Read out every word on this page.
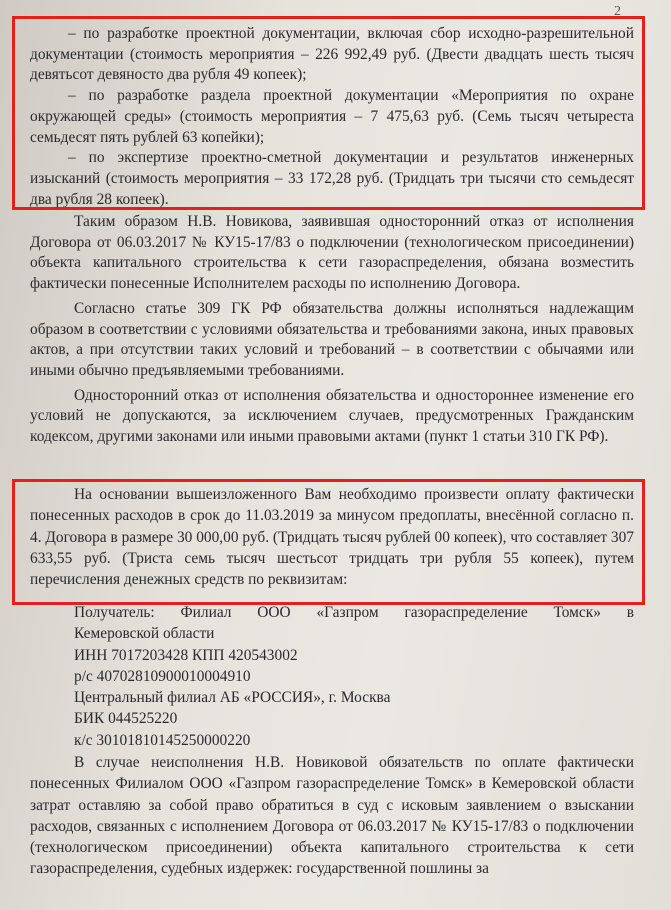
2

– по разработке проектной документации, включая сбор исходно-разрешительной документации (стоимость мероприятия – 226 992,49 руб. (Двести двадцать шесть тысяч девятьсот девяносто два рубля 49 копеек);

– по разработке раздела проектной документации «Мероприятия по охране окружающей среды» (стоимость мероприятия – 7 475,63 руб. (Семь тысяч четыреста семьдесят пять рублей 63 копейки);

– по экспертизе проектно-сметной документации и результатов инженерных изысканий (стоимость мероприятия – 33 172,28 руб. (Тридцать три тысячи сто семьдесят два рубля 28 копеек).

Таким образом Н.В. Новикова, заявившая односторонний отказ от исполнения Договора от 06.03.2017 № КУ15-17/83 о подключении (технологическом присоединении) объекта капитального строительства к сети газораспределения, обязана возместить фактически понесенные Исполнителем расходы по исполнению Договора.

Согласно статье 309 ГК РФ обязательства должны исполняться надлежащим образом в соответствии с условиями обязательства и требованиями закона, иных правовых актов, а при отсутствии таких условий и требований – в соответствии с обычаями или иными обычно предъявляемыми требованиями.

Односторонний отказ от исполнения обязательства и одностороннее изменение его условий не допускаются, за исключением случаев, предусмотренных Гражданским кодексом, другими законами или иными правовыми актами (пункт 1 статьи 310 ГК РФ).

На основании вышеизложенного Вам необходимо произвести оплату фактически понесенных расходов в срок до 11.03.2019 за минусом предоплаты, внесённой согласно п. 4. Договора в размере 30 000,00 руб. (Тридцать тысяч рублей 00 копеек), что составляет 307 633,55 руб. (Триста семь тысяч шестьсот тридцать три рубля 55 копеек), путем перечисления денежных средств по реквизитам:

Получатель: Филиал ООО «Газпром газораспределение Томск» в
Кемеровской области
ИНН 7017203428 КПП 420543002
р/с 40702810900010004910
Центральный филиал АБ «РОССИЯ», г. Москва
БИК 044525220
к/с 30101810145250000220

В случае неисполнения Н.В. Новиковой обязательств по оплате фактически понесенных Филиалом ООО «Газпром газораспределение Томск» в Кемеровской области затрат оставляю за собой право обратиться в суд с исковым заявлением о взыскании расходов, связанных с исполнением Договора от 06.03.2017 № КУ15-17/83 о подключении (технологическом присоединении) объекта капитального строительства к сети газораспределения, судебных издержек: государственной пошлины за
